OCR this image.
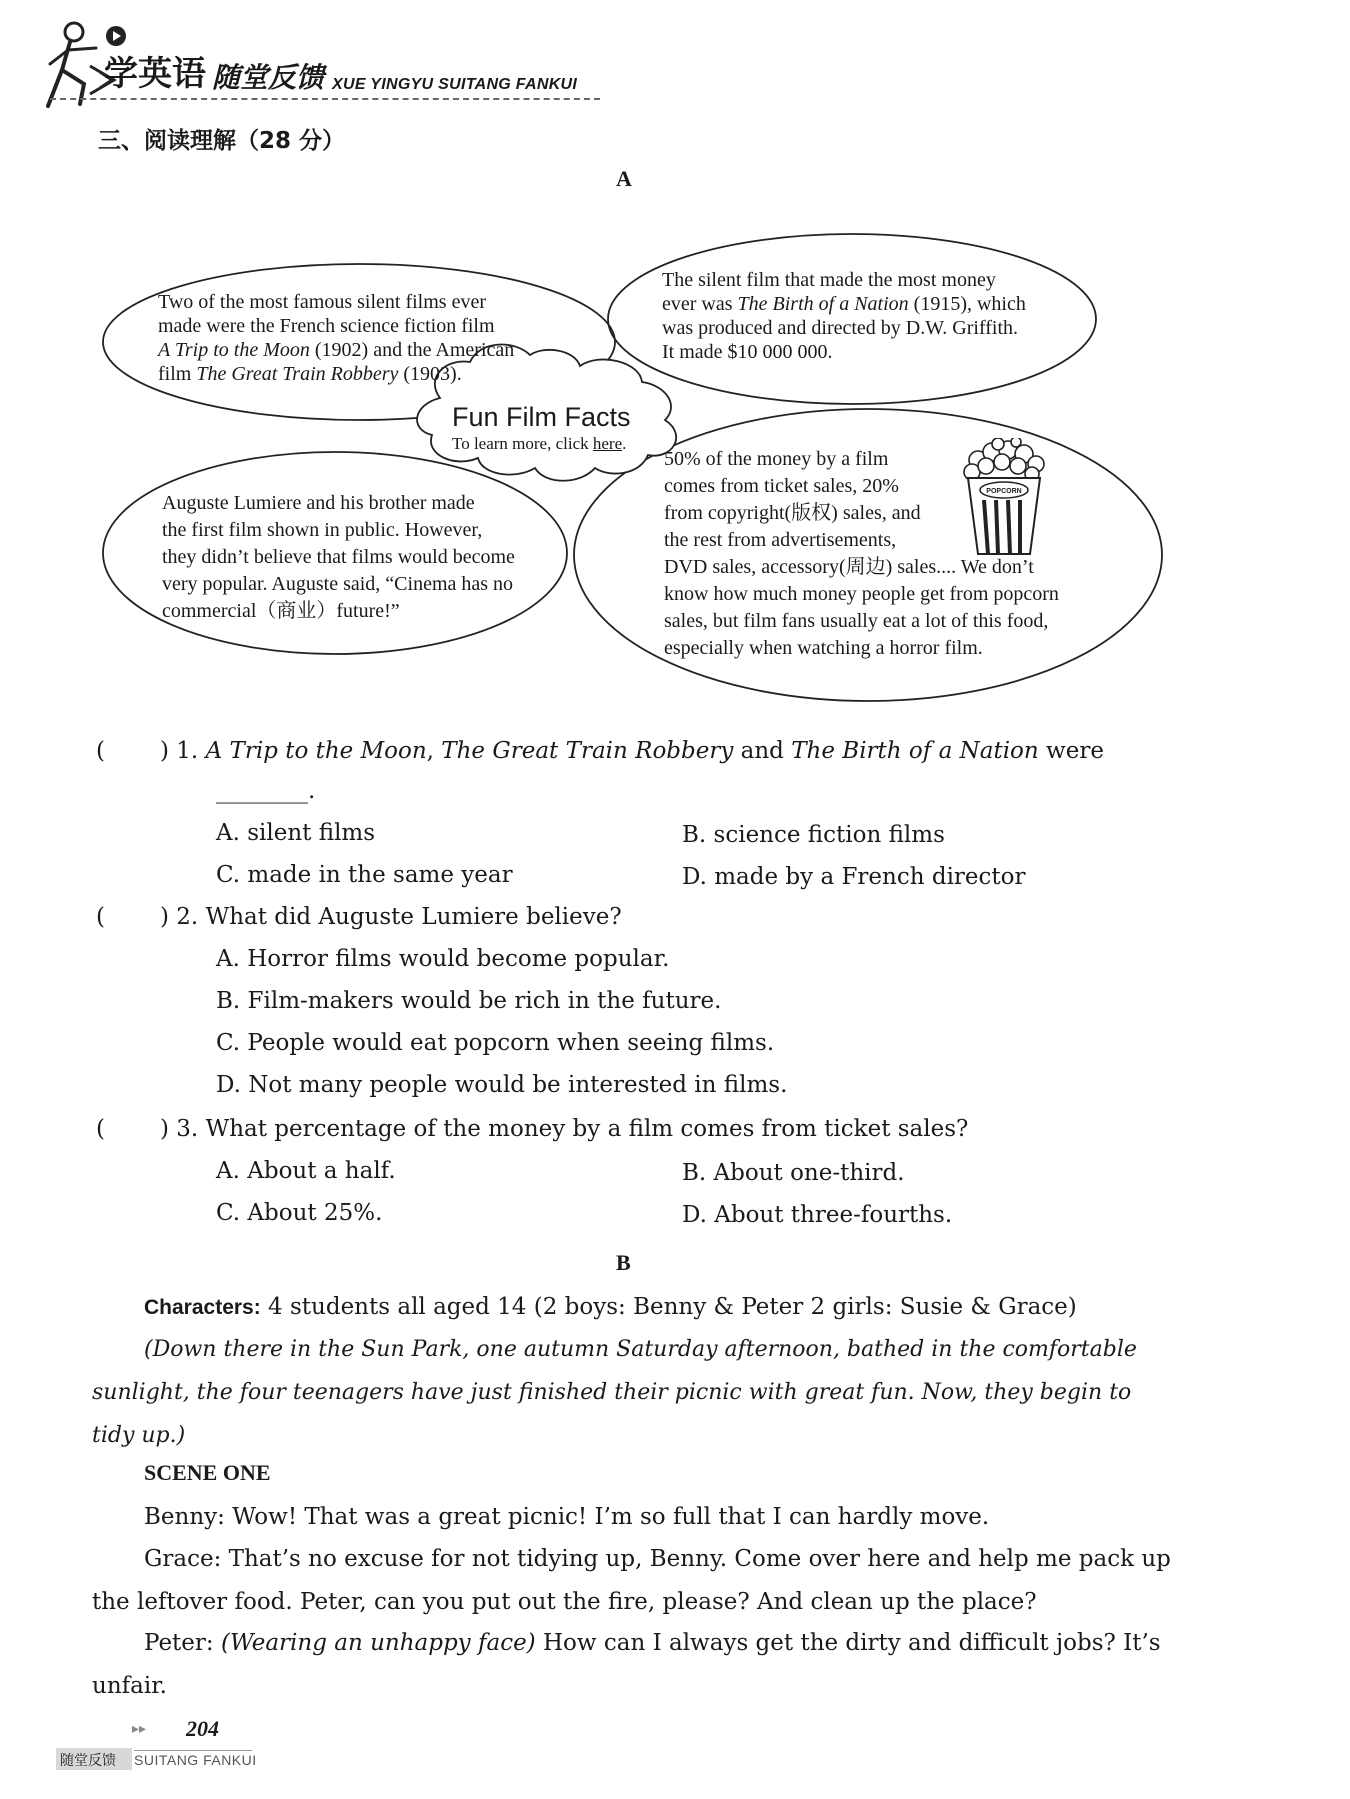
学英语 随堂反馈 XUE YINGYU SUITANG FANKUI
三、阅读理解（28 分）
A
Two of the most famous silent films ever
made were the French science fiction film
A Trip to the Moon (1902) and the American
film The Great Train Robbery (1903).
The silent film that made the most money
ever was The Birth of a Nation (1915), which
was produced and directed by D.W. Griffith.
It made $10 000 000.
Fun Film Facts
To learn more, click here.
Auguste Lumiere and his brother made
the first film shown in public. However,
they didn’t believe that films would become
very popular. Auguste said, “Cinema has no
commercial（商业）future!”
50% of the money by a film
comes from ticket sales, 20%
from copyright(版权) sales, and
the rest from advertisements,
DVD sales, accessory(周边) sales.... We don’t
know how much money people get from popcorn
sales, but film fans usually eat a lot of this food,
especially when watching a horror film.
POPCORN
( ) 1. A Trip to the Moon, The Great Train Robbery and The Birth of a Nation were
________.
A. silent films	B. science fiction films
C. made in the same year	D. made by a French director
( ) 2. What did Auguste Lumiere believe?
A. Horror films would become popular.
B. Film-makers would be rich in the future.
C. People would eat popcorn when seeing films.
D. Not many people would be interested in films.
( ) 3. What percentage of the money by a film comes from ticket sales?
A. About a half.	B. About one-third.
C. About 25%.	D. About three-fourths.
B
Characters: 4 students all aged 14 (2 boys: Benny & Peter 2 girls: Susie & Grace)
(Down there in the Sun Park, one autumn Saturday afternoon, bathed in the comfortable
sunlight, the four teenagers have just finished their picnic with great fun. Now, they begin to
tidy up.)
SCENE ONE
Benny: Wow! That was a great picnic! I’m so full that I can hardly move.
Grace: That’s no excuse for not tidying up, Benny. Come over here and help me pack up
the leftover food. Peter, can you put out the fire, please? And clean up the place?
Peter: (Wearing an unhappy face) How can I always get the dirty and difficult jobs? It’s
unfair.
▸▸ 204
随堂反馈 SUITANG FANKUI
